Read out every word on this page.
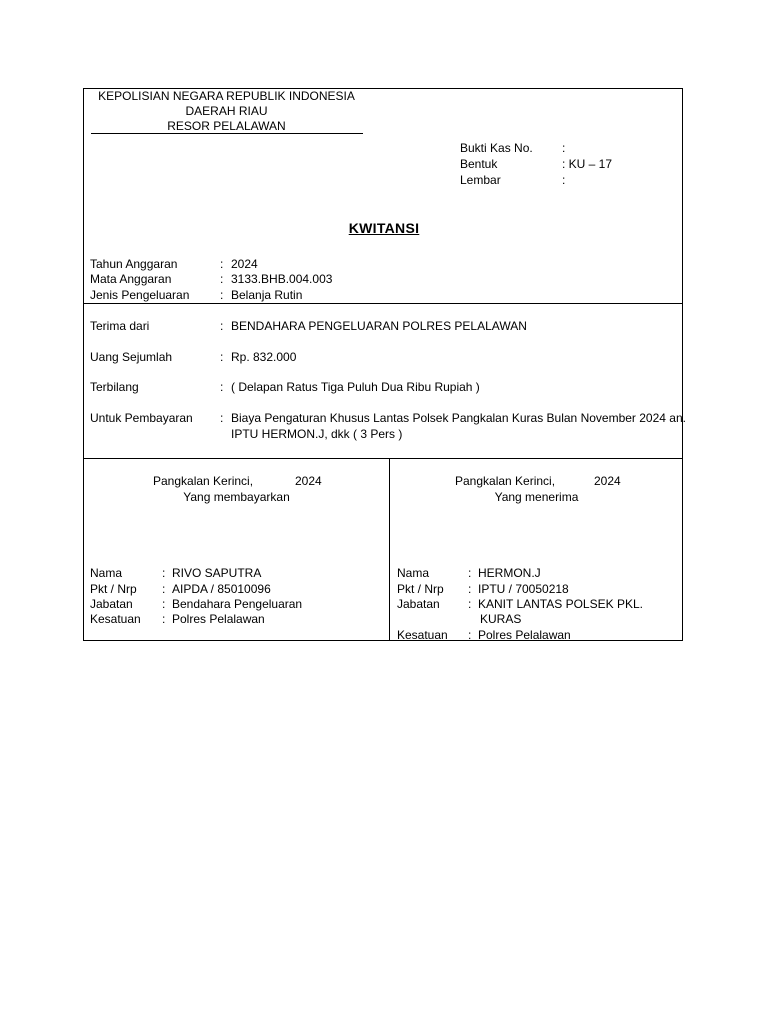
KEPOLISIAN NEGARA REPUBLIK INDONESIA
DAERAH RIAU
RESOR PELALAWAN
Bukti Kas No. :
Bentuk	: KU – 17
Lembar	:
KWITANSI
Tahun Anggaran	: 2024
Mata Anggaran	: 3133.BHB.004.003
Jenis Pengeluaran	: Belanja Rutin
Terima dari	: BENDAHARA PENGELUARAN POLRES PELALAWAN
Uang Sejumlah	: Rp. 832.000
Terbilang	: ( Delapan Ratus Tiga Puluh Dua Ribu Rupiah )
Untuk Pembayaran : Biaya Pengaturan Khusus Lantas Polsek Pangkalan Kuras Bulan November 2024 an.
IPTU HERMON.J, dkk ( 3 Pers )
Pangkalan Kerinci,	2024
Yang membayarkan
Nama	: RIVO SAPUTRA
Pkt / Nrp : AIPDA / 85010096
Jabatan : Bendahara Pengeluaran
Kesatuan : Polres Pelalawan
Pangkalan Kerinci,	2024
Yang menerima
Nama	: HERMON.J
Pkt / Nrp : IPTU / 70050218
Jabatan : KANIT LANTAS POLSEK PKL.
KURAS
Kesatuan : Polres Pelalawan
